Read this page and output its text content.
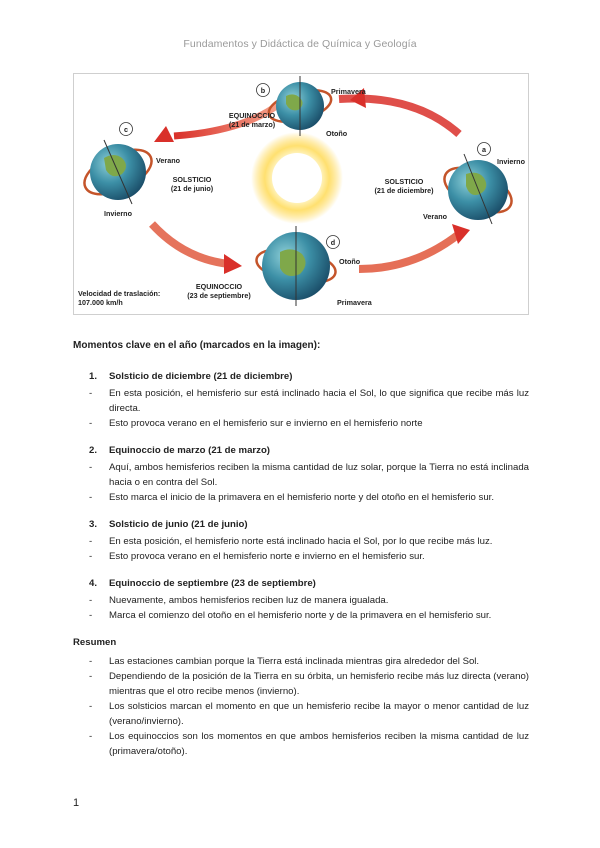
Fundamentos y Didáctica de Química y Geología
b
EQUINOCCIO
(21 de marzo)
Primavera
Otoño
c
Verano
SOLSTICIO
(21 de junio)
Invierno
a
Invierno
SOLSTICIO
(21 de diciembre)
Verano
d
Otoño
EQUINOCCIO
(23 de septiembre)
Primavera
Velocidad de traslación:
107.000 km/h
Momentos clave en el año (marcados en la imagen):
1.	Solsticio de diciembre (21 de diciembre)
-	En esta posición, el hemisferio sur está inclinado hacia el Sol, lo que significa que recibe más luz directa.
-	Esto provoca verano en el hemisferio sur e invierno en el hemisferio norte
2.	Equinoccio de marzo (21 de marzo)
-	Aquí, ambos hemisferios reciben la misma cantidad de luz solar, porque la Tierra no está inclinada hacia o en contra del Sol.
-	Esto marca el inicio de la primavera en el hemisferio norte y del otoño en el hemisferio sur.
3.	Solsticio de junio (21 de junio)
-	En esta posición, el hemisferio norte está inclinado hacia el Sol, por lo que recibe más luz.
-	Esto provoca verano en el hemisferio norte e invierno en el hemisferio sur.
4.	Equinoccio de septiembre (23 de septiembre)
-	Nuevamente, ambos hemisferios reciben luz de manera igualada.
-	Marca el comienzo del otoño en el hemisferio norte y de la primavera en el hemisferio sur.
Resumen
-	Las estaciones cambian porque la Tierra está inclinada mientras gira alrededor del Sol.
-	Dependiendo de la posición de la Tierra en su órbita, un hemisferio recibe más luz directa (verano) mientras que el otro recibe menos (invierno).
-	Los solsticios marcan el momento en que un hemisferio recibe la mayor o menor cantidad de luz (verano/invierno).
-	Los equinoccios son los momentos en que ambos hemisferios reciben la misma cantidad de luz (primavera/otoño).
1
